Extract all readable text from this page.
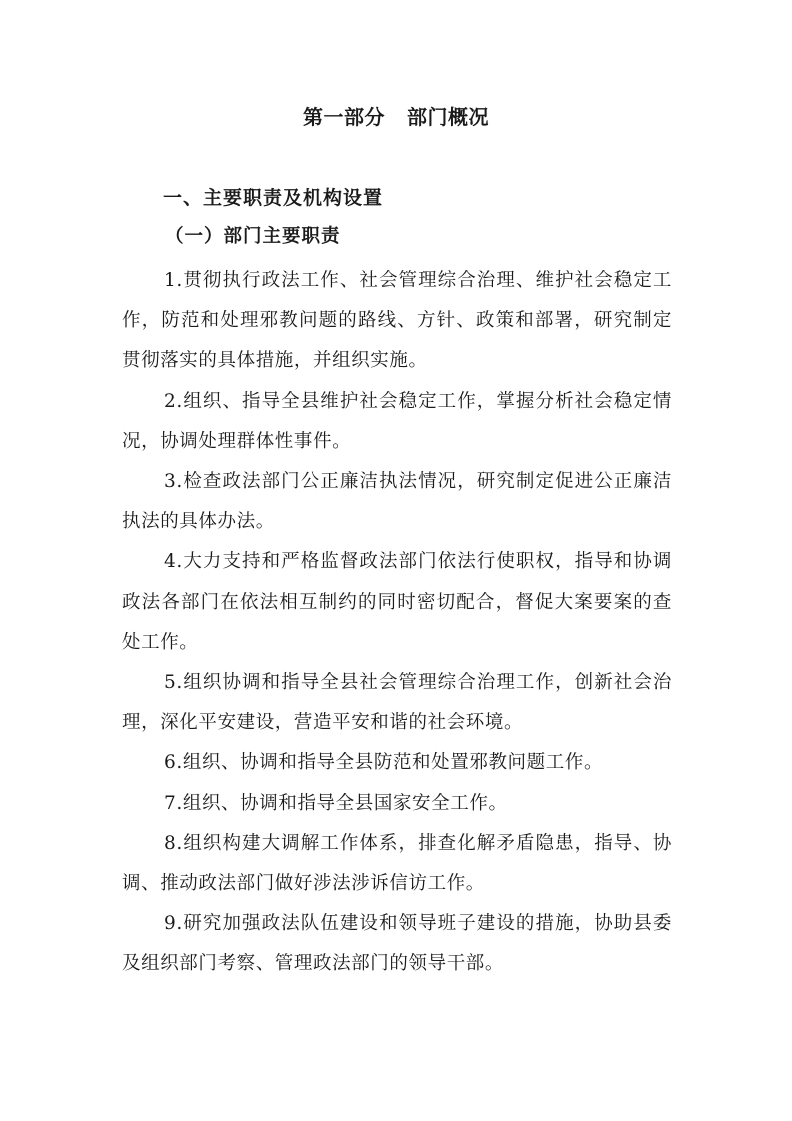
第一部分 部门概况
一、主要职责及机构设置
（一）部门主要职责

1.贯彻执行政法工作、社会管理综合治理、维护社会稳定工作，防范和处理邪教问题的路线、方针、政策和部署，研究制定贯彻落实的具体措施，并组织实施。

2.组织、指导全县维护社会稳定工作，掌握分析社会稳定情况，协调处理群体性事件。

3.检查政法部门公正廉洁执法情况，研究制定促进公正廉洁执法的具体办法。

4.大力支持和严格监督政法部门依法行使职权，指导和协调政法各部门在依法相互制约的同时密切配合，督促大案要案的查处工作。

5.组织协调和指导全县社会管理综合治理工作，创新社会治理，深化平安建设，营造平安和谐的社会环境。

6.组织、协调和指导全县防范和处置邪教问题工作。

7.组织、协调和指导全县国家安全工作。

8.组织构建大调解工作体系，排查化解矛盾隐患，指导、协调、推动政法部门做好涉法涉诉信访工作。

9.研究加强政法队伍建设和领导班子建设的措施，协助县委及组织部门考察、管理政法部门的领导干部。
